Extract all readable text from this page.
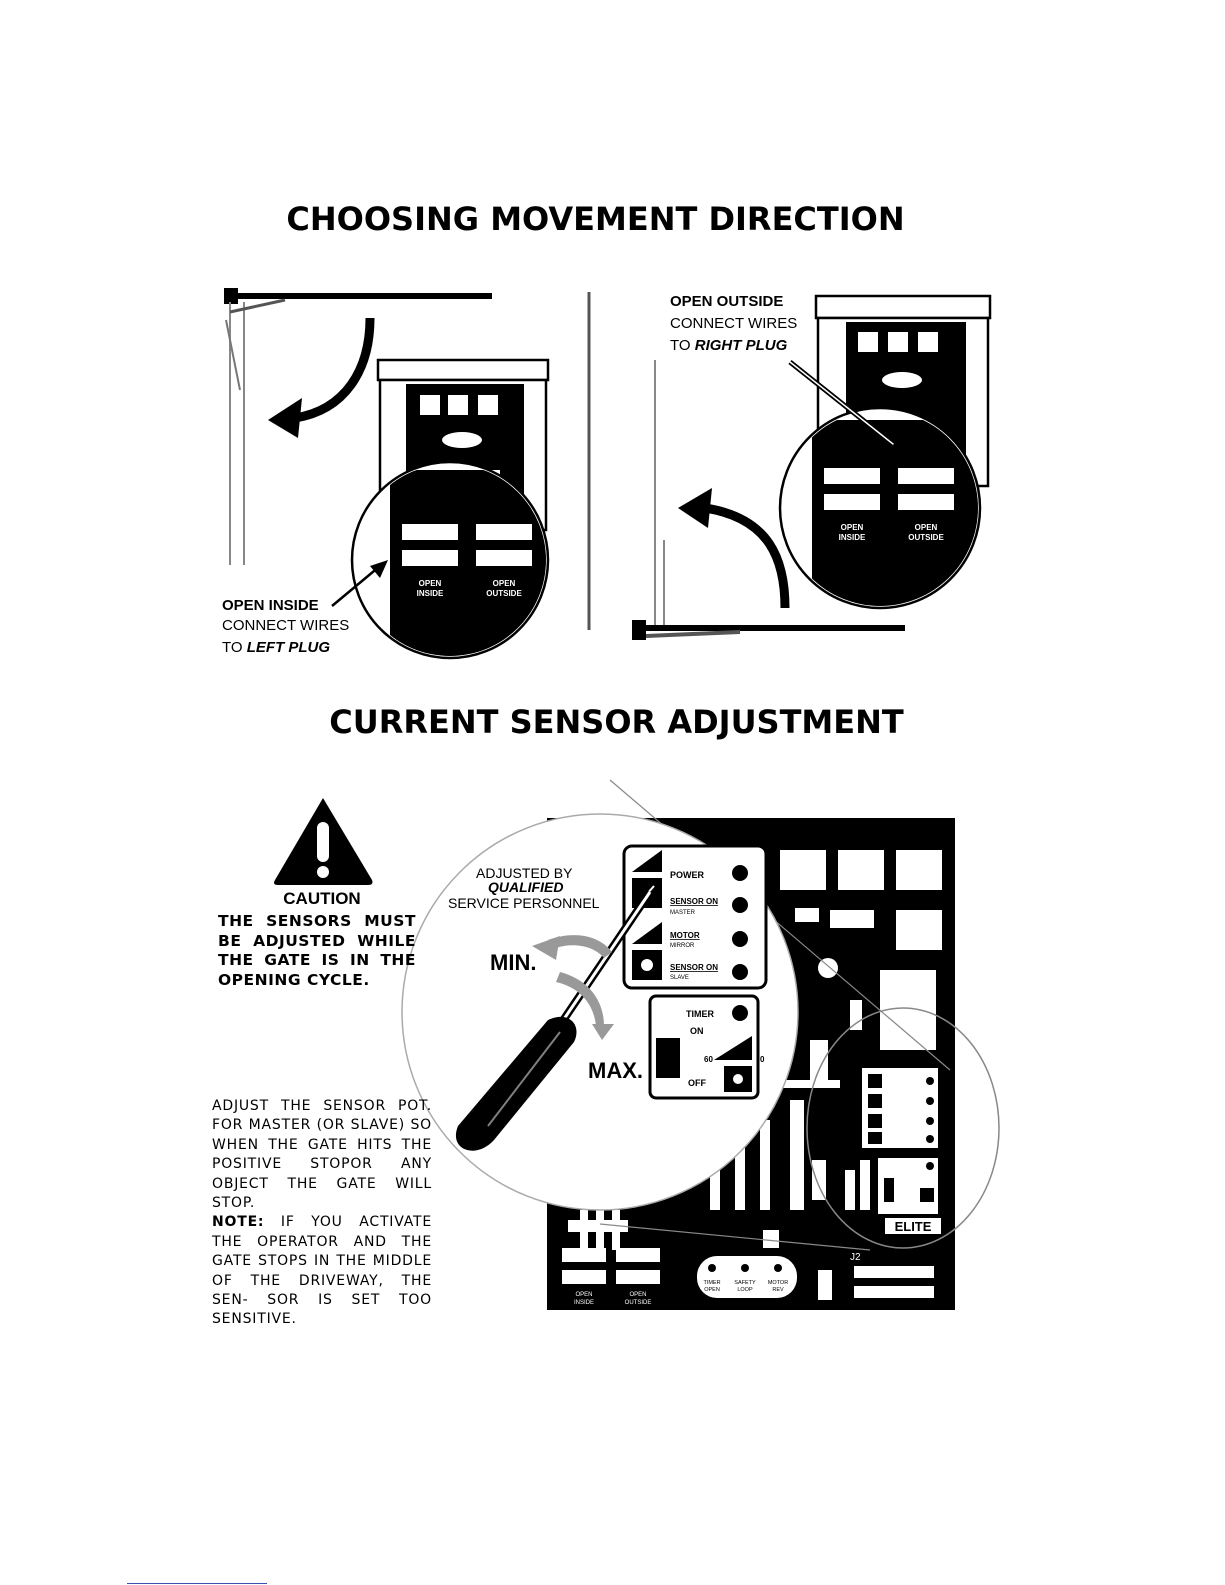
CHOOSING MOVEMENT DIRECTION
OPEN
INSIDE
OPEN
OUTSIDE
OPEN INSIDE
CONNECT WIRES
TO LEFT PLUG
OPEN
INSIDE
OPEN
OUTSIDE
OPEN OUTSIDE
CONNECT WIRES
TO RIGHT PLUG
CURRENT SENSOR ADJUSTMENT
CAUTION
OPEN
INSIDE
OPEN
OUTSIDE
TIMER
OPEN
SAFETY
LOOP
MOTOR
REV
J2
ELITE
ADJUSTED BY
QUALIFIED
SERVICE PERSONNEL
POWER
SENSOR ON
MASTER
MOTOR
MIRROR
SENSOR ON
SLAVE
TIMER
ON
60	0
OFF
MIN.
MAX.
THE SENSORS MUST
BE ADJUSTED WHILE
THE GATE IS IN THE
OPENING CYCLE.
ADJUST THE SENSOR POT. FOR MASTER (OR SLAVE) SO WHEN THE GATE HITS THE POSITIVE STOPOR ANY OBJECT THE GATE WILL STOP.
NOTE: IF YOU ACTIVATE THE OPERATOR AND THE GATE STOPS IN THE MIDDLE OF THE DRIVEWAY, THE SEN- SOR IS SET TOO SENSITIVE.
